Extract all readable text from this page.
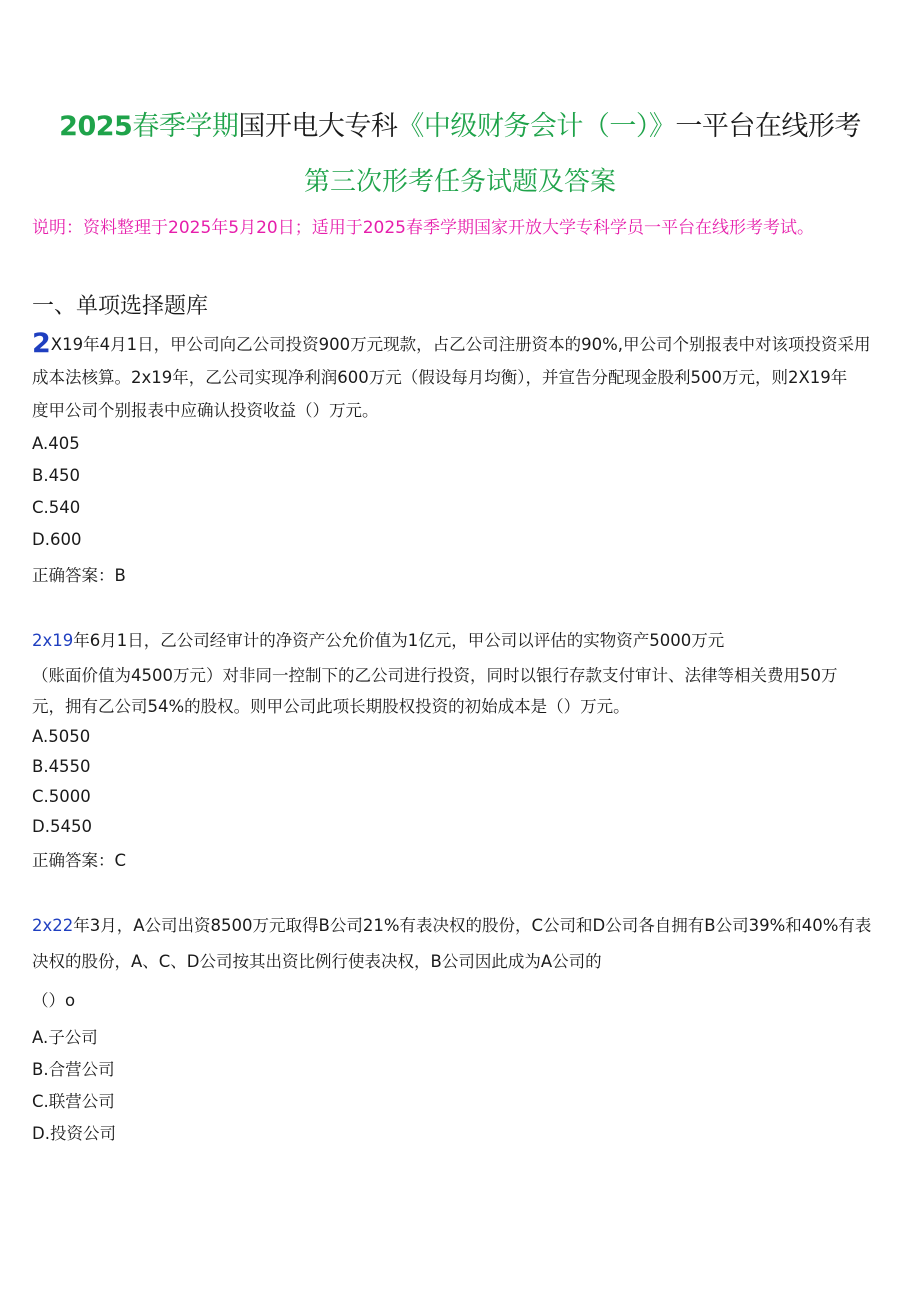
2025春季学期国开电大专科《中级财务会计（一）》一平台在线形考
第三次形考任务试题及答案
说明：资料整理于2025年5月20日；适用于2025春季学期国家开放大学专科学员一平台在线形考考试。
一、单项选择题库
2X19年4月1日，甲公司向乙公司投资900万元现款，占乙公司注册资本的90%,甲公司个别报表中对该项投资采用
成本法核算。2x19年，乙公司实现净利润600万元（假设每月均衡），并宣告分配现金股利500万元，则2X19年
度甲公司个别报表中应确认投资收益（）万元。
A.405
B.450
C.540
D.600
正确答案：B
2x19年6月1日，乙公司经审计的净资产公允价值为1亿元，甲公司以评估的实物资产5000万元
（账面价值为4500万元）对非同一控制下的乙公司进行投资，同时以银行存款支付审计、法律等相关费用50万
元，拥有乙公司54%的股权。则甲公司此项长期股权投资的初始成本是（）万元。
A.5050
B.4550
C.5000
D.5450
正确答案：C
2x22年3月，A公司出资8500万元取得B公司21%有表决权的股份，C公司和D公司各自拥有B公司39%和40%有表
决权的股份，A、C、D公司按其出资比例行使表决权，B公司因此成为A公司的
（）o
A.子公司
B.合营公司
C.联营公司
D.投资公司
